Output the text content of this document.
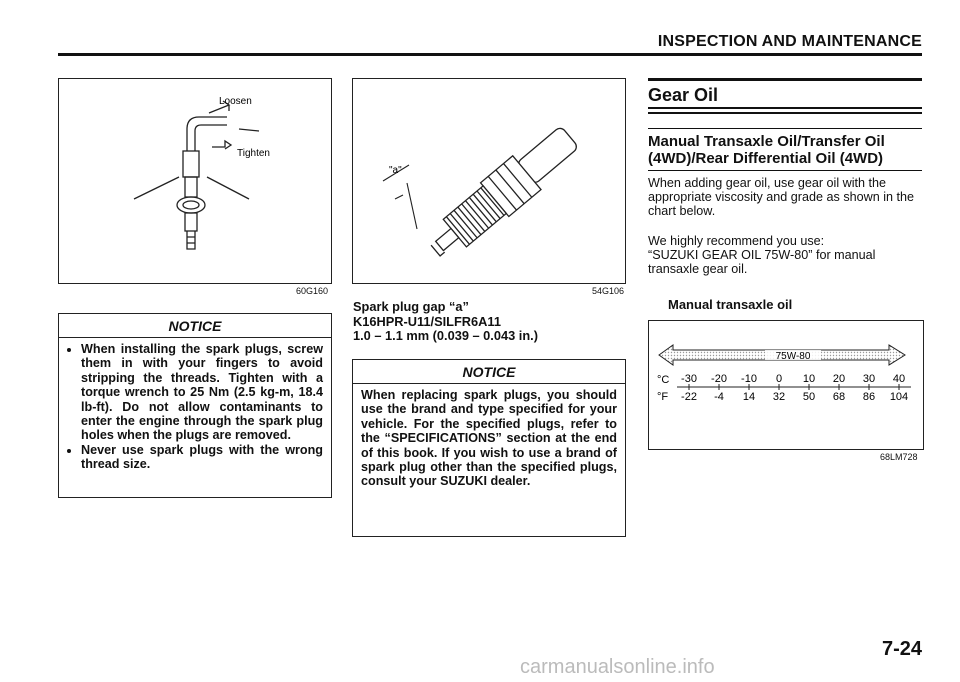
INSPECTION AND MAINTENANCE
Loosen
Tighten
60G160
NOTICE
• When installing the spark plugs, screw them in with your fingers to avoid stripping the threads. Tighten with a torque wrench to 25 Nm (2.5 kg-m, 18.4 lb-ft). Do not allow contaminants to enter the engine through the spark plug holes when the plugs are removed.
• Never use spark plugs with the wrong thread size.
"a"
54G106
Spark plug gap “a”
K16HPR-U11/SILFR6A11
1.0 – 1.1 mm (0.039 – 0.043 in.)
NOTICE
When replacing spark plugs, you should use the brand and type specified for your vehicle. For the specified plugs, refer to the “SPECIFICATIONS” section at the end of this book. If you wish to use a brand of spark plug other than the specified plugs, consult your SUZUKI dealer.
Gear Oil
Manual Transaxle Oil/Transfer Oil
(4WD)/Rear Differential Oil (4WD)
When adding gear oil, use gear oil with the appropriate viscosity and grade as shown in the chart below.
We highly recommend you use:
“SUZUKI GEAR OIL 75W-80” for manual transaxle gear oil.
Manual transaxle oil
75W-80
°C
°F
-30
-22
-20
-4
-10
14
0
32
10
50
20
68
30
86
40
104
68LM728
7-24
carmanualsonline.info
